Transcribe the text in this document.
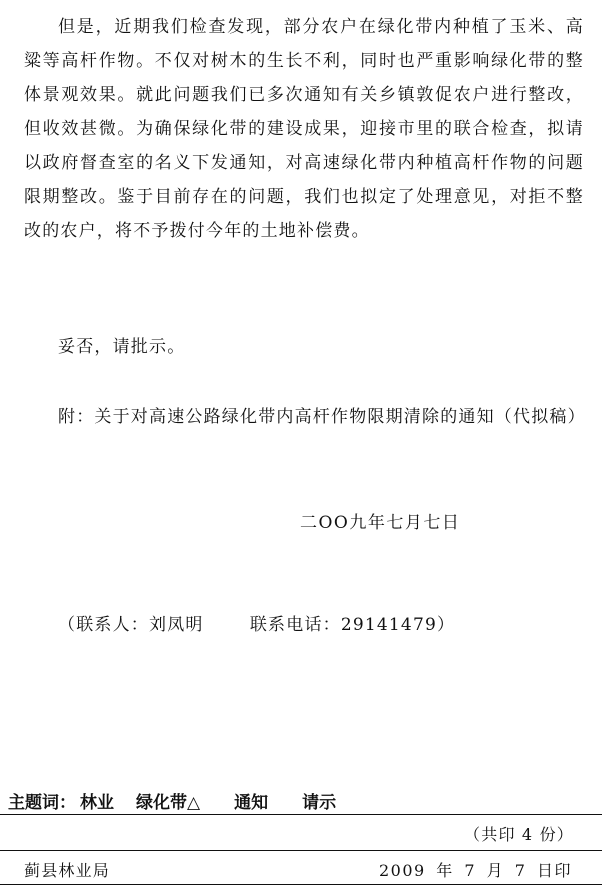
但是，近期我们检查发现，部分农户在绿化带内种植了玉米、高粱等高杆作物。不仅对树木的生长不利，同时也严重影响绿化带的整体景观效果。就此问题我们已多次通知有关乡镇敦促农户进行整改，但收效甚微。为确保绿化带的建设成果，迎接市里的联合检查，拟请以政府督查室的名义下发通知，对高速绿化带内种植高杆作物的问题限期整改。鉴于目前存在的问题，我们也拟定了处理意见，对拒不整改的农户，将不予拨付今年的土地补偿费。

妥否，请批示。

附：关于对高速公路绿化带内高杆作物限期清除的通知（代拟稿）

二OO九年七月七日

（联系人：刘凤明	联系电话：29141479）

主题词： 林业 绿化带△ 通知 请示

（共印 4 份）

蓟县林业局	2009 年 7 月 7 日印
